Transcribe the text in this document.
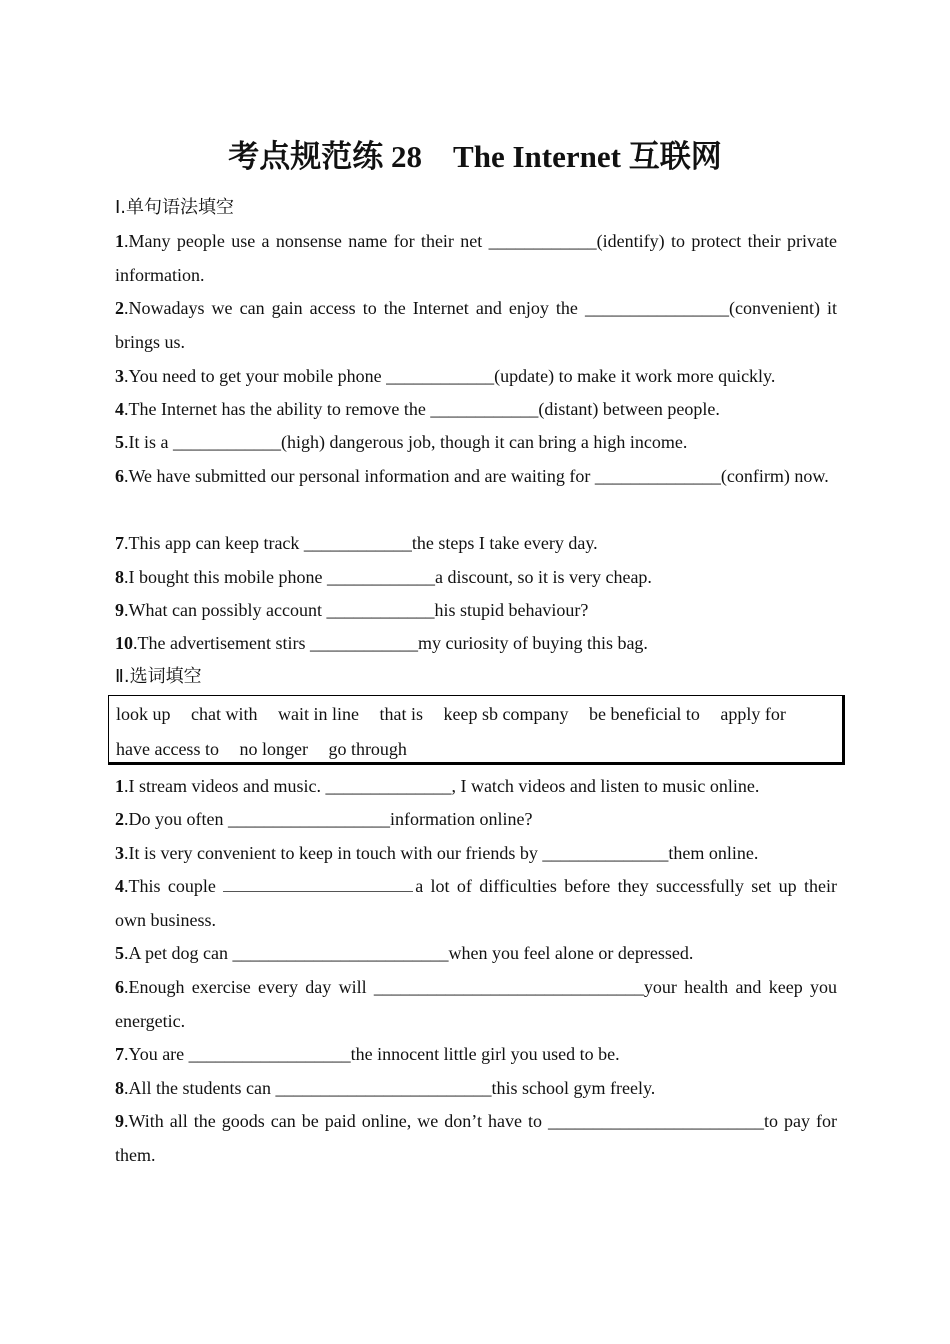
考点规范练 28　The Internet 互联网
Ⅰ.单句语法填空
1.Many people use a nonsense name for their net ____________(identify) to protect their private information.
2.Nowadays we can gain access to the Internet and enjoy the ________________(convenient) it brings us.
3.You need to get your mobile phone ____________(update) to make it work more quickly.
4.The Internet has the ability to remove the ____________(distant) between people.
5.It is a ____________(high) dangerous job, though it can bring a high income.
6.We have submitted our personal information and are waiting for ______________(confirm) now.
7.This app can keep track ____________the steps I take every day.
8.I bought this mobile phone ____________a discount, so it is very cheap.
9.What can possibly account ____________his stupid behaviour?
10.The advertisement stirs ____________my curiosity of buying this bag.
Ⅱ.选词填空
look up chat with wait in line that is keep sb company be beneficial to apply for
have access to no longer go through
1.I stream videos and music. ______________, I watch videos and listen to music online.
2.Do you often __________________information online?
3.It is very convenient to keep in touch with our friends by ______________them online.
4.This couple	a lot of difficulties before they successfully set up their own business.
5.A pet dog can ________________________when you feel alone or depressed.
6.Enough exercise every day will ______________________________your health and keep you energetic.
7.You are __________________the innocent little girl you used to be.
8.All the students can ________________________this school gym freely.
9.With all the goods can be paid online, we don’t have to ________________________to pay for them.
